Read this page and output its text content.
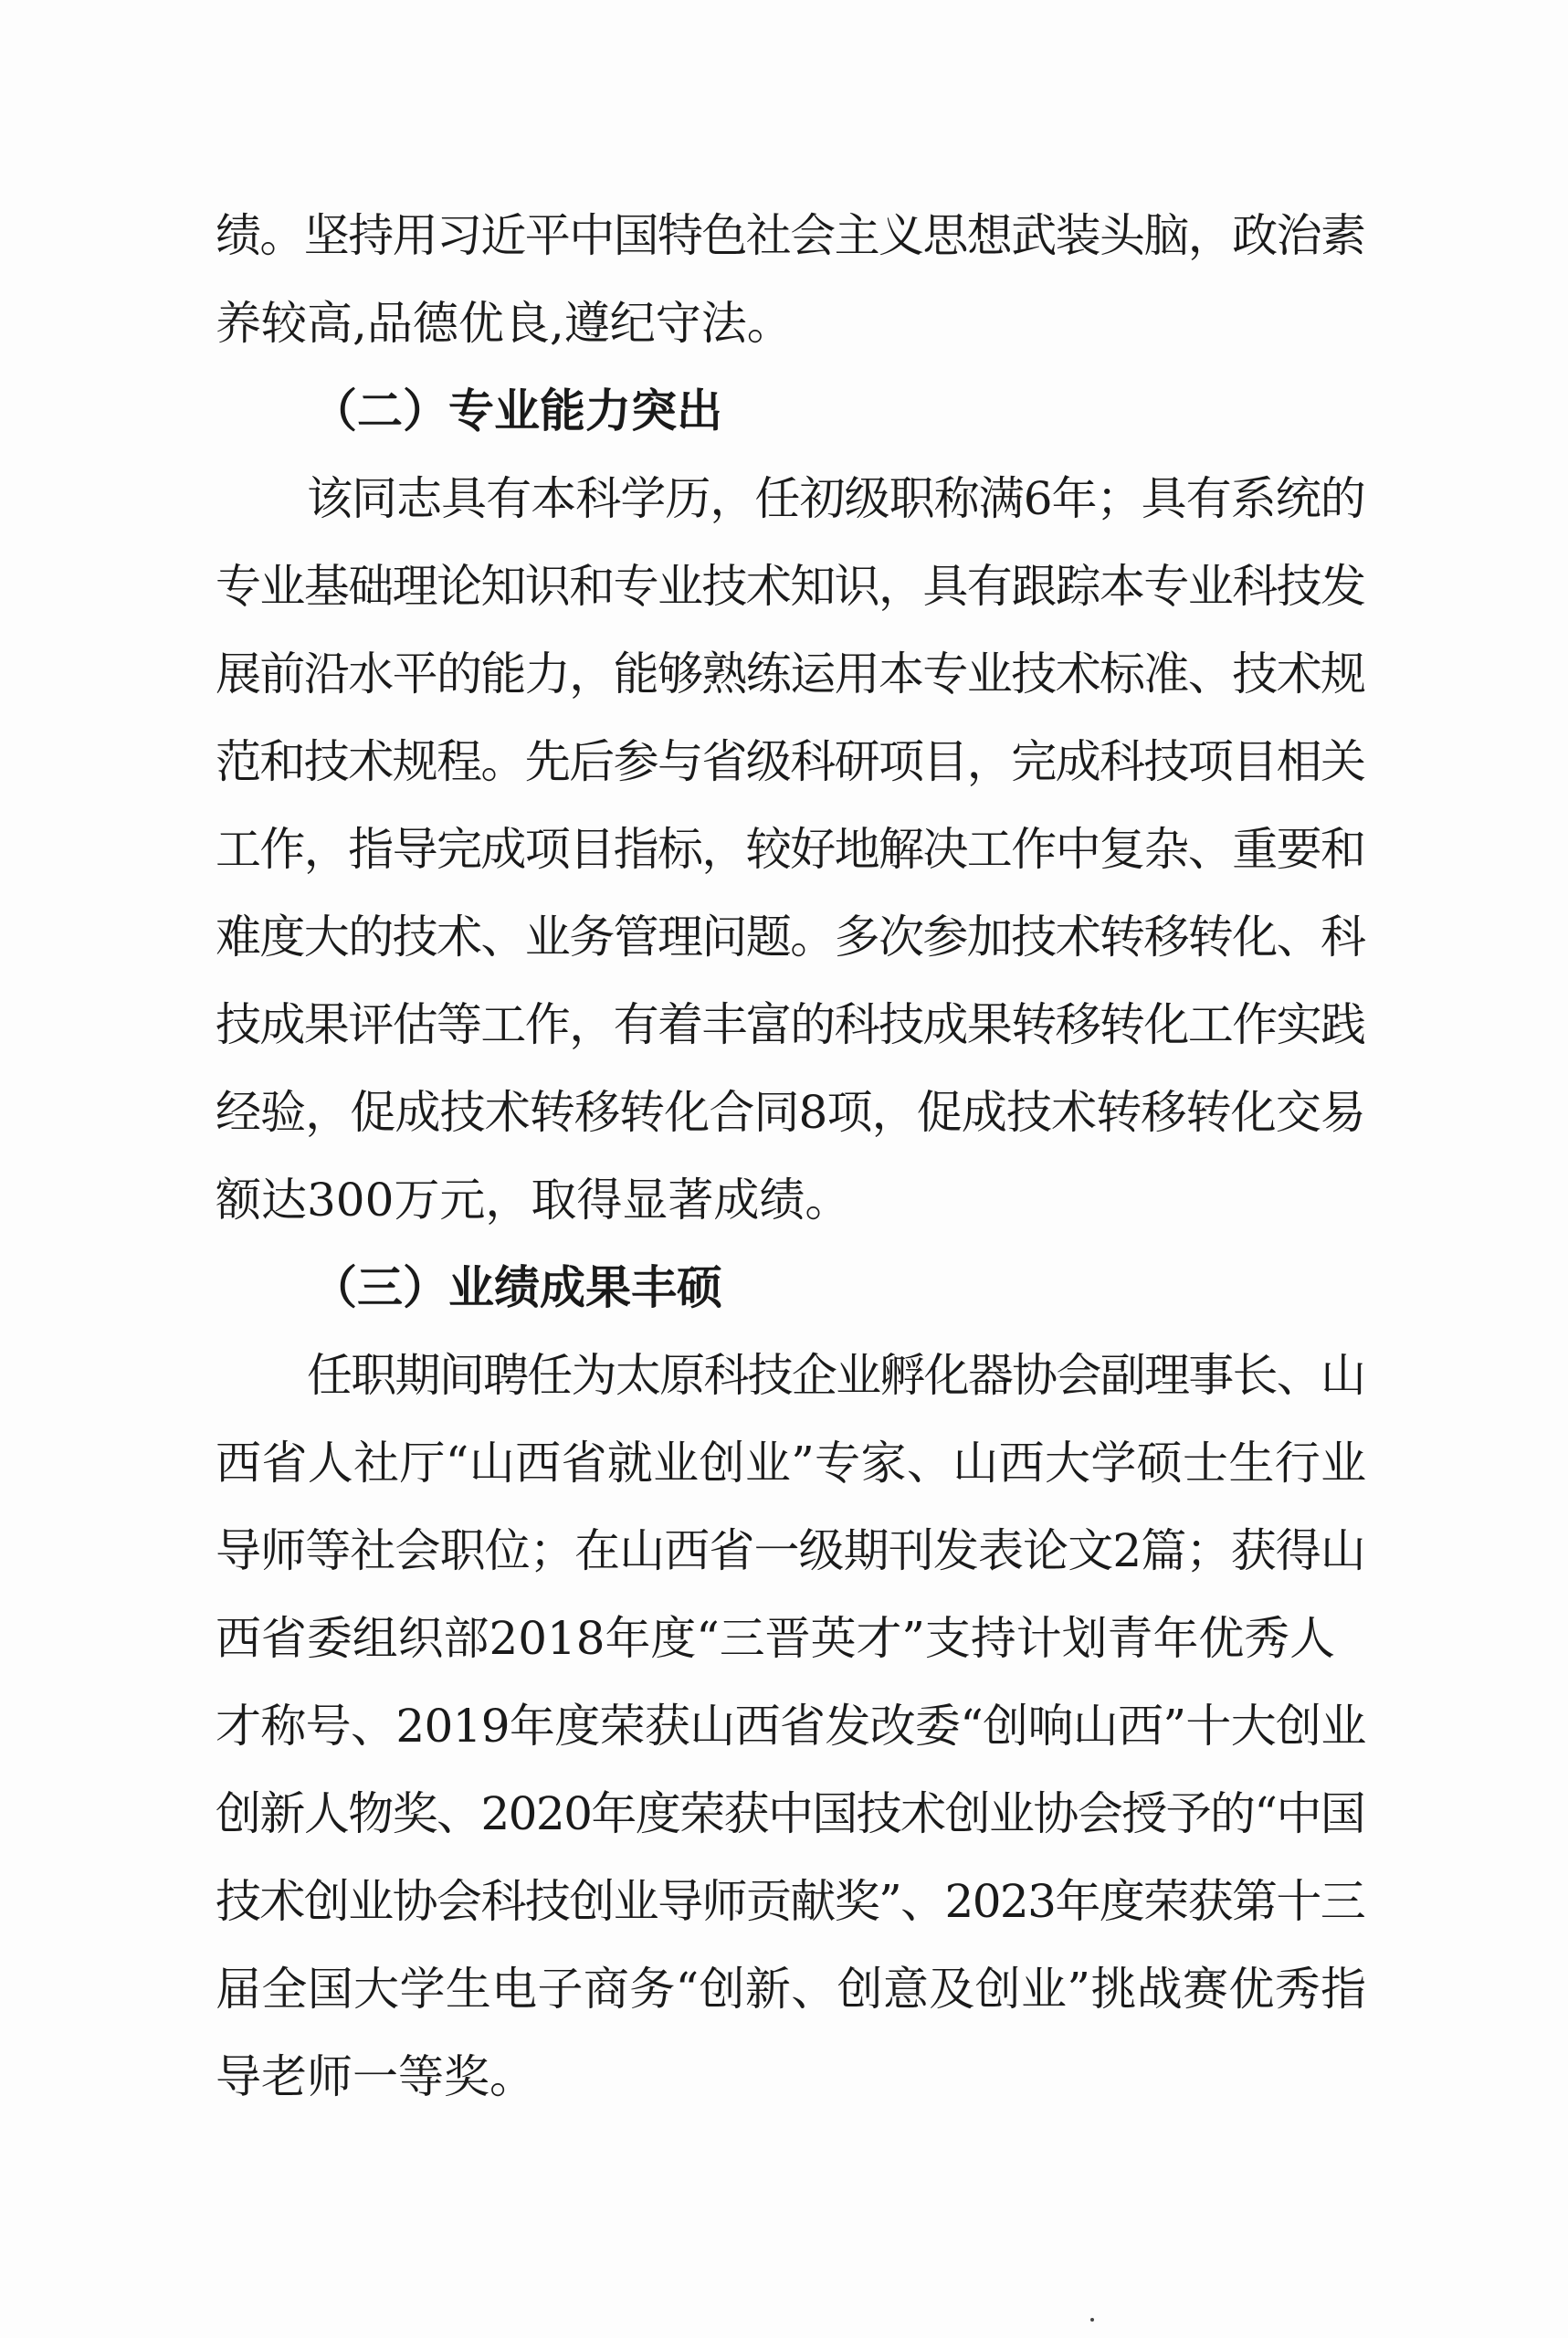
绩。坚持用习近平中国特色社会主义思想武装头脑，政治素
养较高,品德优良,遵纪守法。
（二）专业能力突出
该同志具有本科学历，任初级职称满6年；具有系统的
专业基础理论知识和专业技术知识，具有跟踪本专业科技发
展前沿水平的能力，能够熟练运用本专业技术标准、技术规
范和技术规程。先后参与省级科研项目，完成科技项目相关
工作，指导完成项目指标，较好地解决工作中复杂、重要和
难度大的技术、业务管理问题。多次参加技术转移转化、科
技成果评估等工作，有着丰富的科技成果转移转化工作实践
经验，促成技术转移转化合同8项，促成技术转移转化交易
额达300万元，取得显著成绩。
（三）业绩成果丰硕
任职期间聘任为太原科技企业孵化器协会副理事长、山
西省人社厅“山西省就业创业”专家、山西大学硕士生行业
导师等社会职位；在山西省一级期刊发表论文2篇；获得山
西省委组织部2018年度“三晋英才”支持计划青年优秀人
才称号、2019年度荣获山西省发改委“创响山西”十大创业
创新人物奖、2020年度荣获中国技术创业协会授予的“中国
技术创业协会科技创业导师贡献奖”、2023年度荣获第十三
届全国大学生电子商务“创新、创意及创业”挑战赛优秀指
导老师一等奖。
